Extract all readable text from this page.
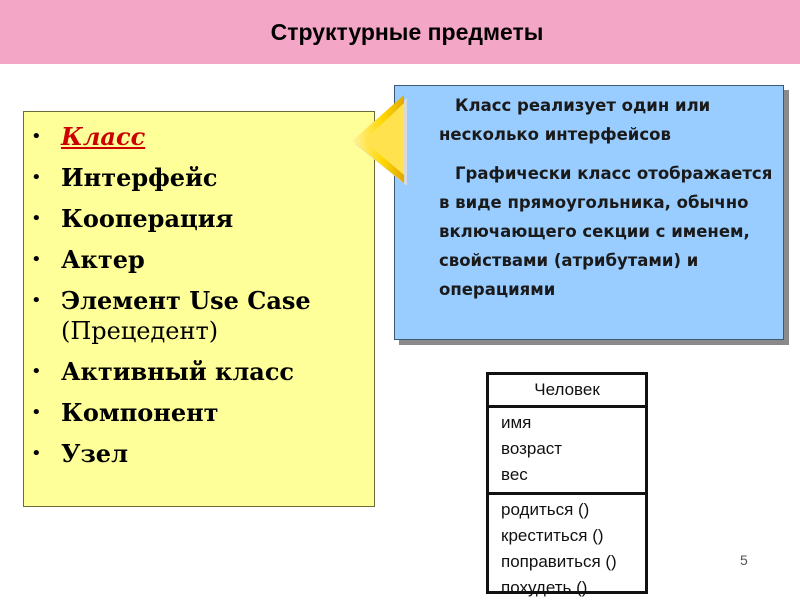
Структурные предметы
• Класс
• Интерфейс
• Кооперация
• Актер
• Элемент Use Case
(Прецедент)
• Активный класс
• Компонент
• Узел

Класс реализует один или несколько интерфейсов

Графически класс отображается в виде прямоугольника, обычно включающего секции с именем, свойствами (атрибутами) и операциями

Человек
имя
возраст
вес
родиться ()
креститься ()
поправиться ()
похудеть ()
5
